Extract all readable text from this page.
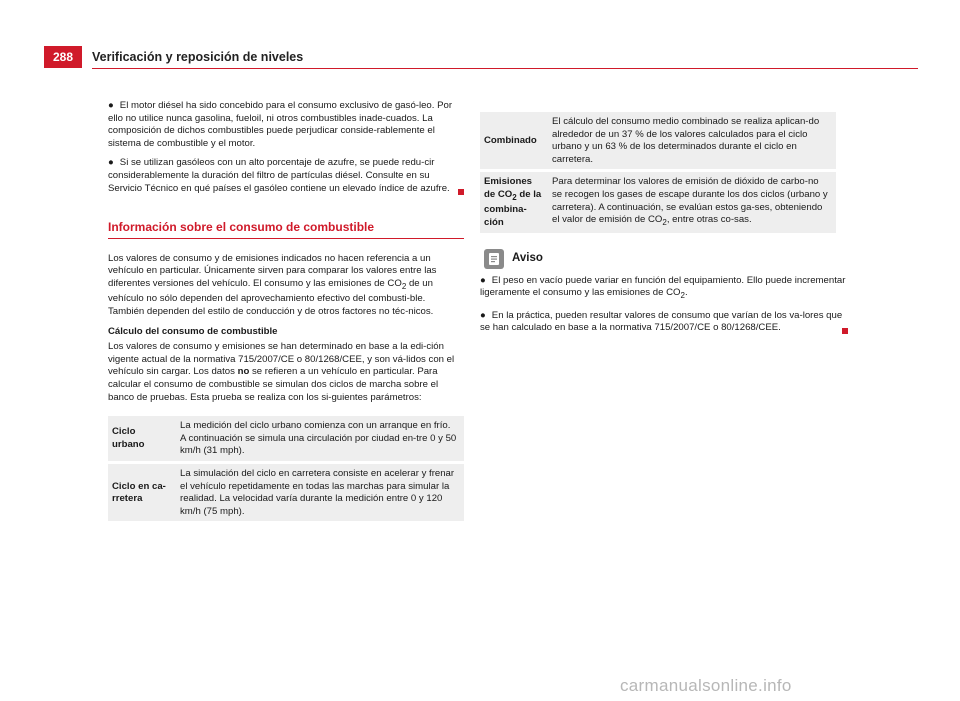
288	Verificación y reposición de niveles

● El motor diésel ha sido concebido para el consumo exclusivo de gasó-leo. Por ello no utilice nunca gasolina, fueloil, ni otros combustibles inade-cuados. La composición de dichos combustibles puede perjudicar conside-rablemente el sistema de combustible y el motor.

● Si se utilizan gasóleos con un alto porcentaje de azufre, se puede redu-cir considerablemente la duración del filtro de partículas diésel. Consulte en su Servicio Técnico en qué países el gasóleo contiene un elevado índice de azufre.

Información sobre el consumo de combustible

Los valores de consumo y de emisiones indicados no hacen referencia a un vehículo en particular. Únicamente sirven para comparar los valores entre las diferentes versiones del vehículo. El consumo y las emisiones de $CO_2$ de un vehículo no sólo dependen del aprovechamiento efectivo del combusti-ble. También dependen del estilo de conducción y de otros factores no téc-nicos.

Cálculo del consumo de combustible

Los valores de consumo y emisiones se han determinado en base a la edi-ción vigente actual de la normativa 715/2007/CE o 80/1268/CEE, y son vá-lidos con el vehículo sin cargar. Los datos no se refieren a un vehículo en particular. Para calcular el consumo de combustible se simulan dos ciclos de marcha sobre el banco de pruebas. Esta prueba se realiza con los si-guientes parámetros:

Ciclo urbano	La medición del ciclo urbano comienza con un arranque en frío. A continuación se simula una circulación por ciudad en-tre 0 y 50 km/h (31 mph).

Ciclo en ca-rretera	La simulación del ciclo en carretera consiste en acelerar y frenar el vehículo repetidamente en todas las marchas para simular la realidad. La velocidad varía durante la medición entre 0 y 120 km/h (75 mph).
Combinado	El cálculo del consumo medio combinado se realiza aplican-do alrededor de un 37 % de los valores calculados para el ciclo urbano y un 63 % de los determinados durante el ciclo en carretera.

Emisiones de $CO_2$ de la combina-ción	Para determinar los valores de emisión de dióxido de carbo-no se recogen los gases de escape durante los dos ciclos (urbano y carretera). A continuación, se evalúan estos ga-ses, obteniendo el valor de emisión de $CO_2$, entre otras co-sas.
Aviso

● El peso en vacío puede variar en función del equipamiento. Ello puede incrementar ligeramente el consumo y las emisiones de $CO_2$.

● En la práctica, pueden resultar valores de consumo que varían de los va-lores que se han calculado en base a la normativa 715/2007/CE o 80/1268/CEE.

carmanualsonline.info
